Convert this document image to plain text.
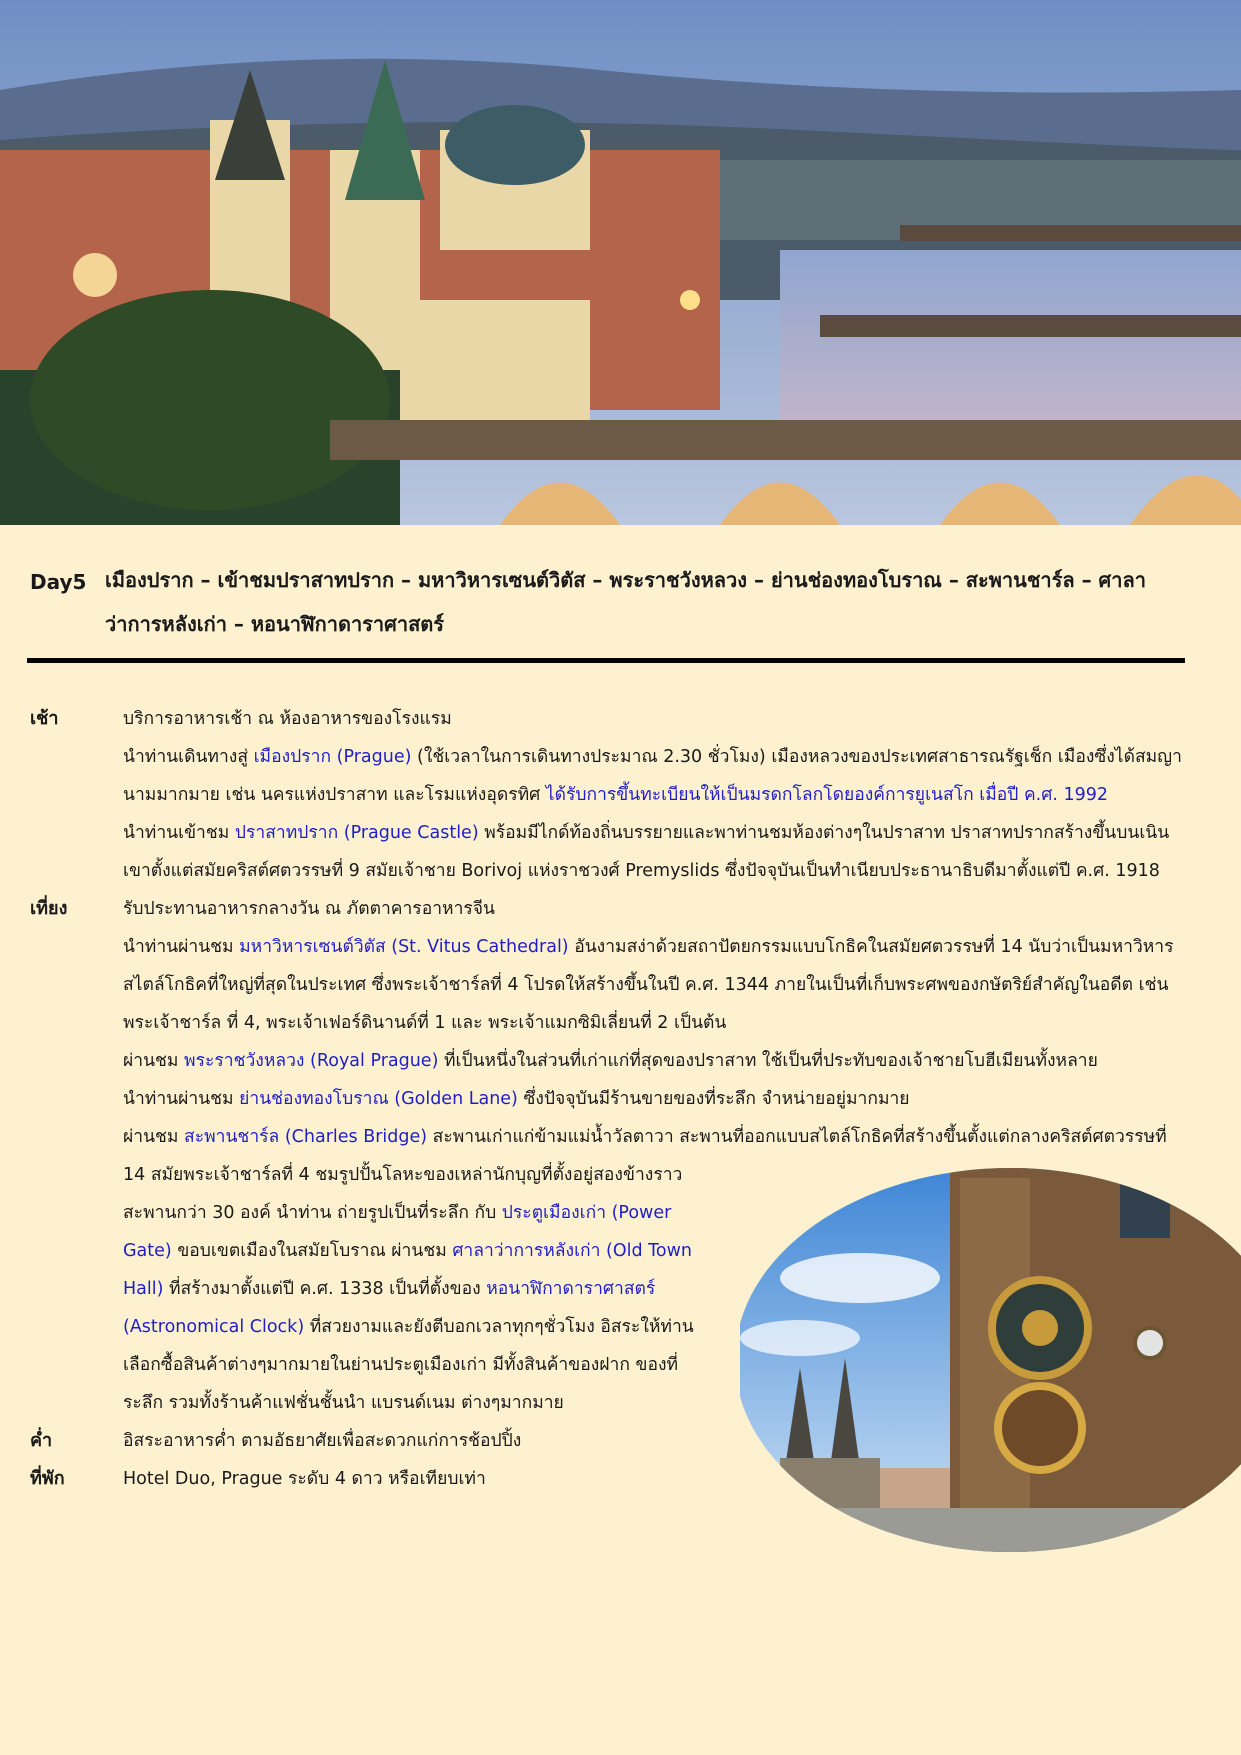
Day5 เมืองปราก – เข้าชมปราสาทปราก – มหาวิหารเซนต์วิตัส – พระราชวังหลวง – ย่านช่องทองโบราณ – สะพานชาร์ล – ศาลาว่าการหลังเก่า – หอนาฬิกาดาราศาสตร์
เช้า	บริการอาหารเช้า ณ ห้องอาหารของโรงแรม
นำท่านเดินทางสู่ เมืองปราก (Prague) (ใช้เวลาในการเดินทางประมาณ 2.30 ชั่วโมง) เมืองหลวงของประเทศสาธารณรัฐเช็ก เมืองซึ่งได้สมญา
นามมากมาย เช่น นครแห่งปราสาท และโรมแห่งอุดรทิศ ได้รับการขึ้นทะเบียนให้เป็นมรดกโลกโดยองค์การยูเนสโก เมื่อปี ค.ศ. 1992
นำท่านเข้าชม ปราสาทปราก (Prague Castle) พร้อมมีไกด์ท้องถิ่นบรรยายและพาท่านชมห้องต่างๆในปราสาท ปราสาทปรากสร้างขึ้นบนเนิน
เขาตั้งแต่สมัยคริสต์ศตวรรษที่ 9 สมัยเจ้าชาย Borivoj แห่งราชวงศ์ Premyslids ซึ่งปัจจุบันเป็นทำเนียบประธานาธิบดีมาตั้งแต่ปี ค.ศ. 1918
เที่ยง	รับประทานอาหารกลางวัน ณ ภัตตาคารอาหารจีน
นำท่านผ่านชม มหาวิหารเซนต์วิตัส (St. Vitus Cathedral) อันงามสง่าด้วยสถาปัตยกรรมแบบโกธิคในสมัยศตวรรษที่ 14 นับว่าเป็นมหาวิหาร
สไตล์โกธิคที่ใหญ่ที่สุดในประเทศ ซึ่งพระเจ้าชาร์ลที่ 4 โปรดให้สร้างขึ้นในปี ค.ศ. 1344 ภายในเป็นที่เก็บพระศพของกษัตริย์สำคัญในอดีต เช่น
พระเจ้าชาร์ล ที่ 4, พระเจ้าเฟอร์ดินานด์ที่ 1 และ พระเจ้าแมกซิมิเลี่ยนที่ 2 เป็นต้น
ผ่านชม พระราชวังหลวง (Royal Prague) ที่เป็นหนึ่งในส่วนที่เก่าแก่ที่สุดของปราสาท ใช้เป็นที่ประทับของเจ้าชายโบฮีเมียนทั้งหลาย
นำท่านผ่านชม ย่านช่องทองโบราณ (Golden Lane) ซึ่งปัจจุบันมีร้านขายของที่ระลึก จำหน่ายอยู่มากมาย
ผ่านชม สะพานชาร์ล (Charles Bridge) สะพานเก่าแก่ข้ามแม่น้ำวัลตาวา สะพานที่ออกแบบสไตล์โกธิคที่สร้างขึ้นตั้งแต่กลางคริสต์ศตวรรษที่
14 สมัยพระเจ้าชาร์ลที่ 4 ชมรูปปั้นโลหะของเหล่านักบุญที่ตั้งอยู่สองข้างราว
สะพานกว่า 30 องค์ นำท่าน ถ่ายรูปเป็นที่ระลึก กับ ประตูเมืองเก่า (Power
Gate) ขอบเขตเมืองในสมัยโบราณ ผ่านชม ศาลาว่าการหลังเก่า (Old Town
Hall) ที่สร้างมาตั้งแต่ปี ค.ศ. 1338 เป็นที่ตั้งของ หอนาฬิกาดาราศาสตร์
(Astronomical Clock) ที่สวยงามและยังตีบอกเวลาทุกๆชั่วโมง อิสระให้ท่าน
เลือกซื้อสินค้าต่างๆมากมายในย่านประตูเมืองเก่า มีทั้งสินค้าของฝาก ของที่
ระลึก รวมทั้งร้านค้าแฟชั่นชั้นนำ แบรนด์เนม ต่างๆมากมาย
ค่ำ	อิสระอาหารค่ำ ตามอัธยาศัยเพื่อสะดวกแก่การช้อปปิ้ง
ที่พัก	Hotel Duo, Prague ระดับ 4 ดาว หรือเทียบเท่า
